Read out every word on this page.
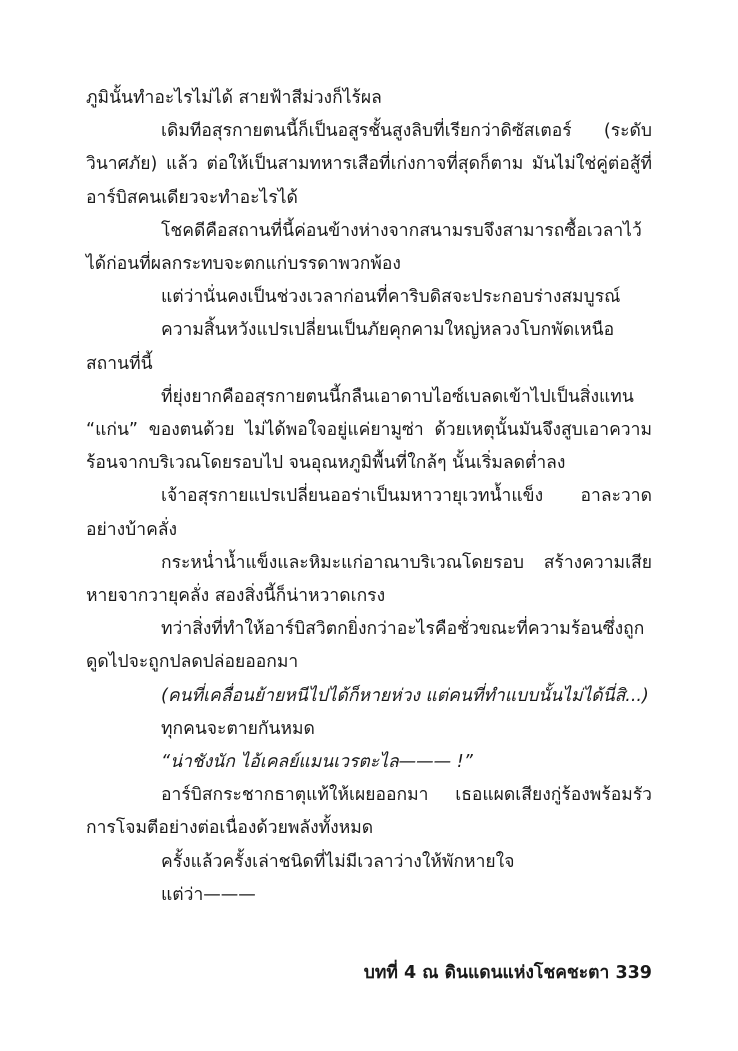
ภูมินั้นทำอะไรไม่ได้ สายฟ้าสีม่วงก็ไร้ผล

เดิมทีอสุรกายตนนี้ก็เป็นอสูรชั้นสูงลิบที่เรียกว่าดิซัสเตอร์ (ระดับวินาศภัย) แล้ว ต่อให้เป็นสามทหารเสือที่เก่งกาจที่สุดก็ตาม มันไม่ใช่คู่ต่อสู้ที่อาร์บิสคนเดียวจะทำอะไรได้

โชคดีคือสถานที่นี้ค่อนข้างห่างจากสนามรบจึงสามารถซื้อเวลาไว้ได้ก่อนที่ผลกระทบจะตกแก่บรรดาพวกพ้อง

แต่ว่านั่นคงเป็นช่วงเวลาก่อนที่คาริบดิสจะประกอบร่างสมบูรณ์

ความสิ้นหวังแปรเปลี่ยนเป็นภัยคุกคามใหญ่หลวงโบกพัดเหนือสถานที่นี้

ที่ยุ่งยากคืออสุรกายตนนี้กลืนเอาดาบไอซ์เบลดเข้าไปเป็นสิ่งแทน “แก่น” ของตนด้วย ไม่ได้พอใจอยู่แค่ยามูซ่า ด้วยเหตุนั้นมันจึงสูบเอาความร้อนจากบริเวณโดยรอบไป จนอุณหภูมิพื้นที่ใกล้ๆ นั้นเริ่มลดต่ำลง

เจ้าอสุรกายแปรเปลี่ยนออร่าเป็นมหาวายุเวทน้ำแข็ง อาละวาดอย่างบ้าคลั่ง

กระหน่ำน้ำแข็งและหิมะแก่อาณาบริเวณโดยรอบ สร้างความเสียหายจากวายุคลั่ง สองสิ่งนี้ก็น่าหวาดเกรง

ทว่าสิ่งที่ทำให้อาร์บิสวิตกยิ่งกว่าอะไรคือชั่วขณะที่ความร้อนซึ่งถูกดูดไปจะถูกปลดปล่อยออกมา

(คนที่เคลื่อนย้ายหนีไปได้ก็หายห่วง แต่คนที่ทำแบบนั้นไม่ได้นี่สิ...)

ทุกคนจะตายกันหมด

“น่าชังนัก ไอ้เคลย์แมนเวรตะไล——— !”

อาร์บิสกระชากธาตุแท้ให้เผยออกมา เธอแผดเสียงกู่ร้องพร้อมรัวการโจมตีอย่างต่อเนื่องด้วยพลังทั้งหมด

ครั้งแล้วครั้งเล่าชนิดที่ไม่มีเวลาว่างให้พักหายใจ

แต่ว่า———

บทที่ 4 ณ ดินแดนแห่งโชคชะตา 339
